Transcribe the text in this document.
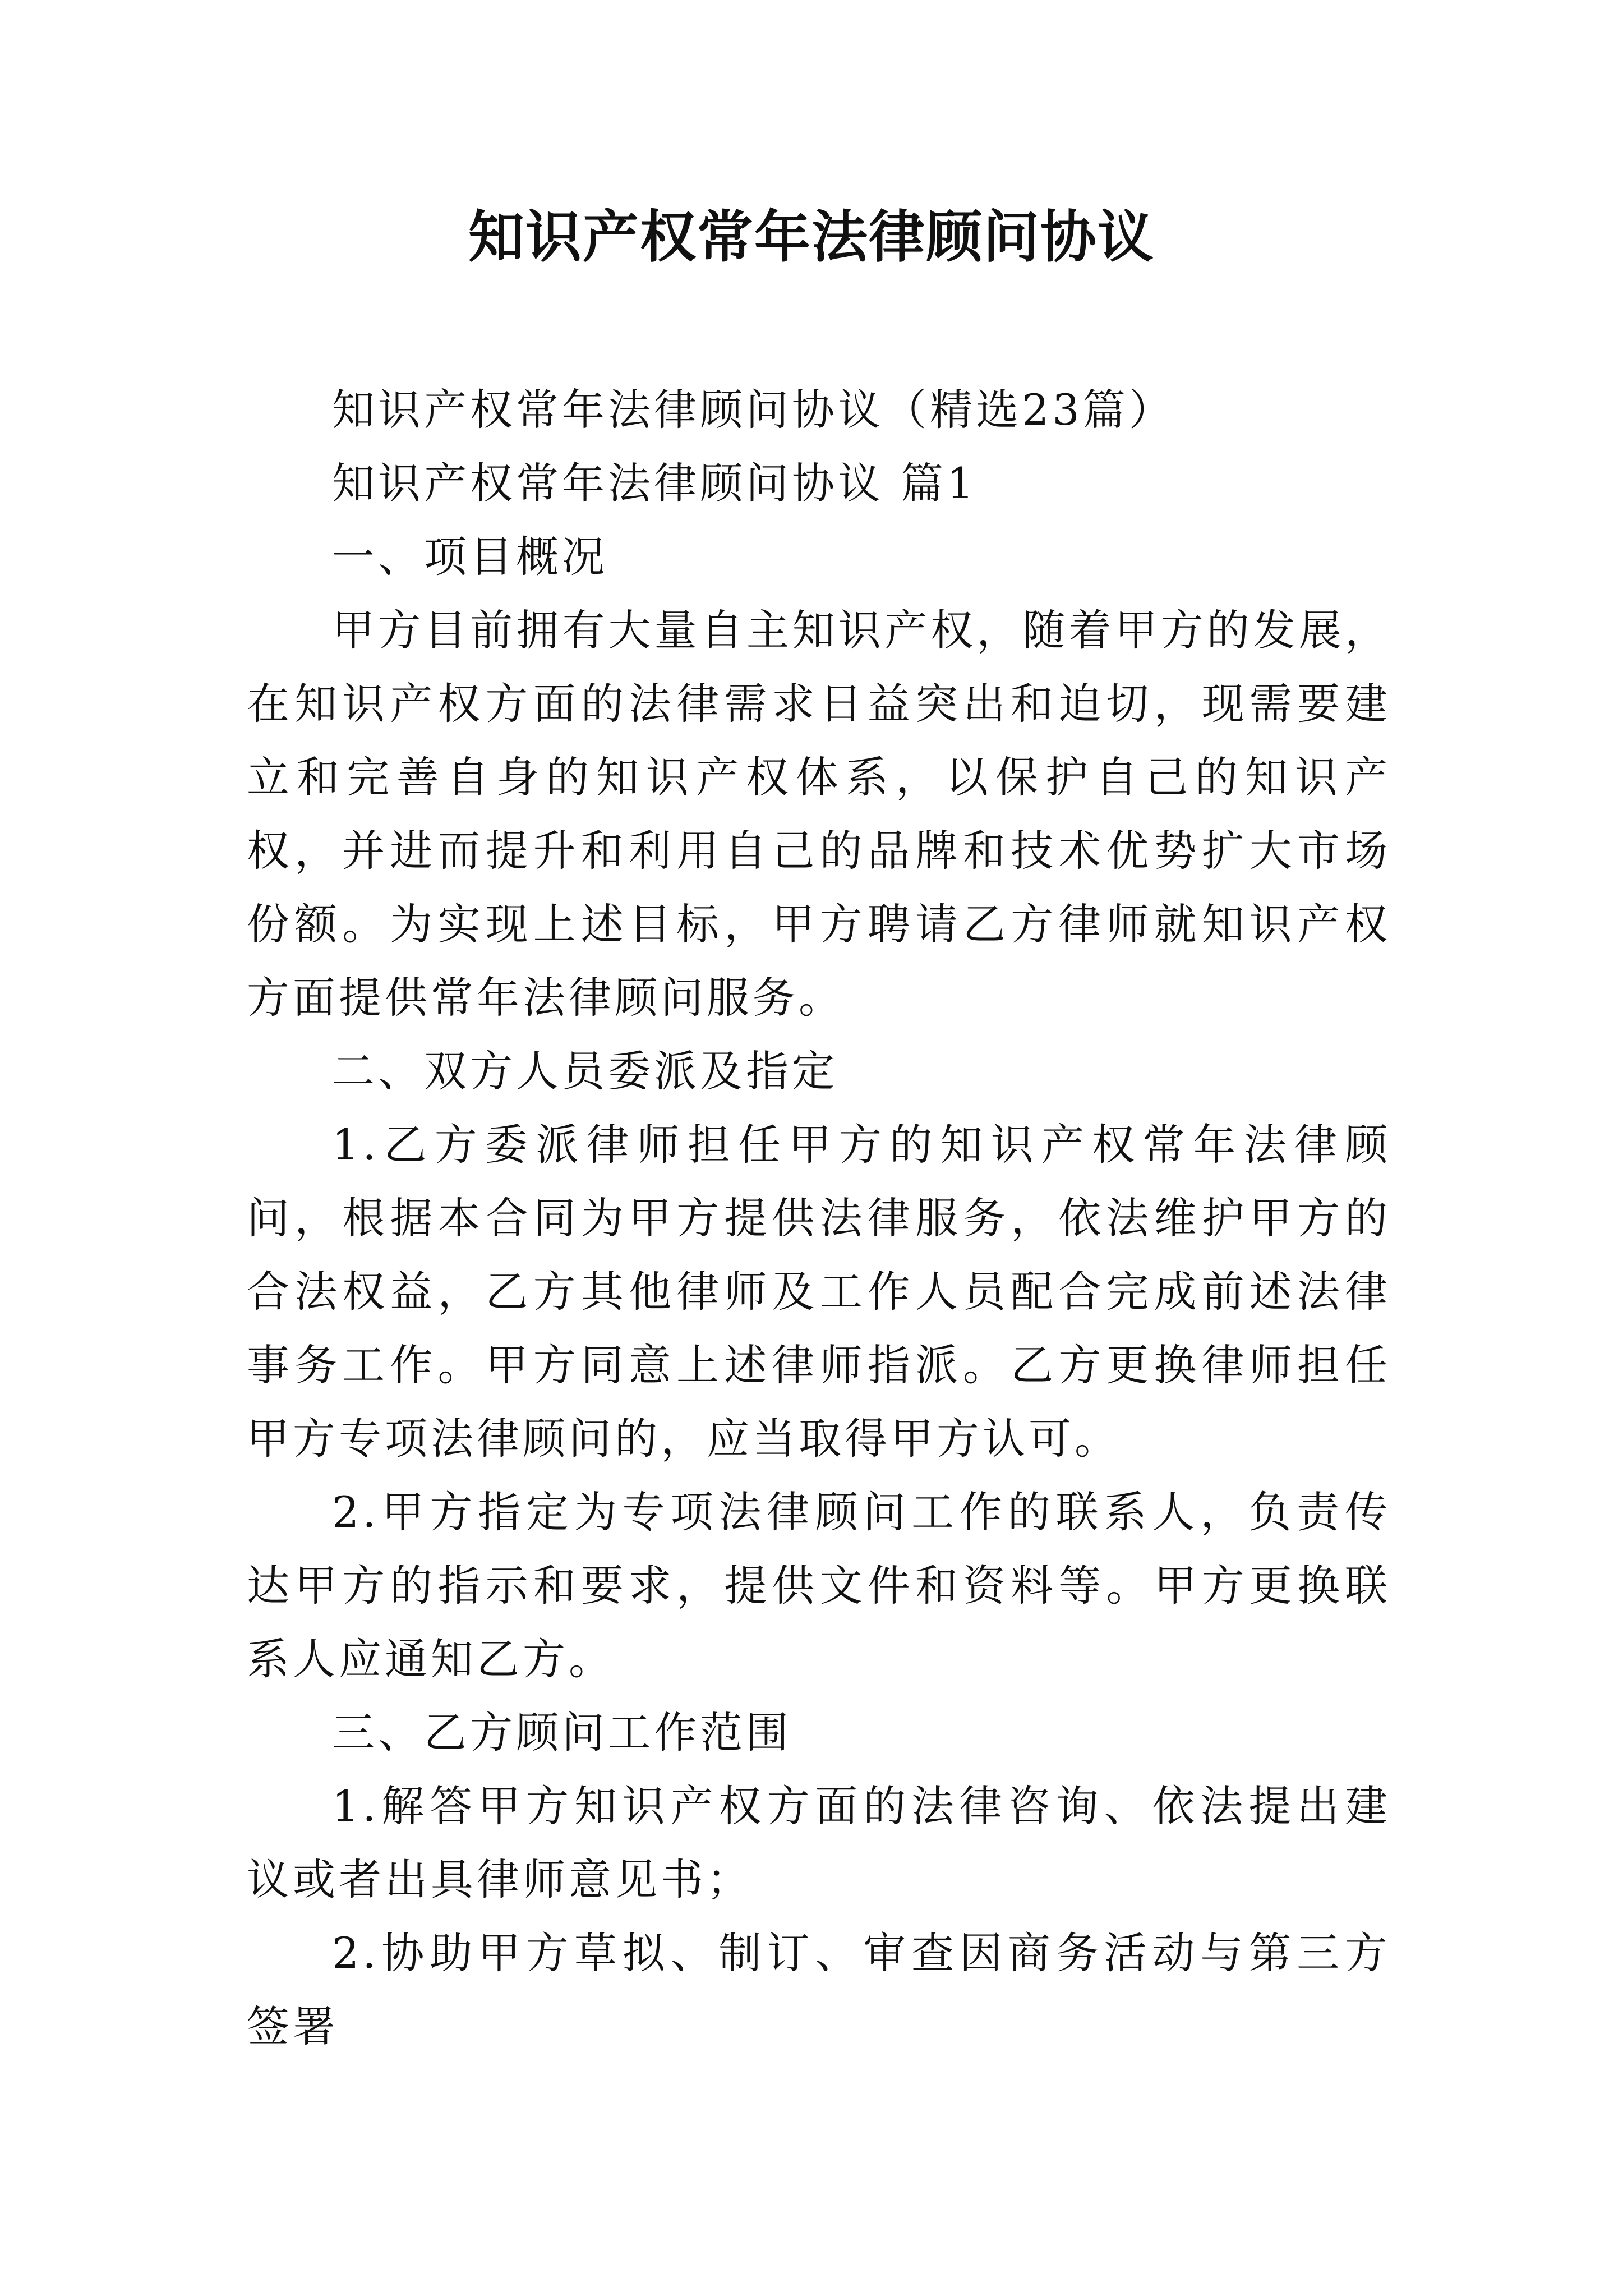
知识产权常年法律顾问协议

知识产权常年法律顾问协议（精选23篇）

知识产权常年法律顾问协议 篇1

一、项目概况

甲方目前拥有大量自主知识产权，随着甲方的发展，在知识产权方面的法律需求日益突出和迫切，现需要建立和完善自身的知识产权体系，以保护自己的知识产权，并进而提升和利用自己的品牌和技术优势扩大市场份额。为实现上述目标，甲方聘请乙方律师就知识产权方面提供常年法律顾问服务。

二、双方人员委派及指定

1.乙方委派律师担任甲方的知识产权常年法律顾问，根据本合同为甲方提供法律服务，依法维护甲方的合法权益，乙方其他律师及工作人员配合完成前述法律事务工作。甲方同意上述律师指派。乙方更换律师担任甲方专项法律顾问的，应当取得甲方认可。

2.甲方指定为专项法律顾问工作的联系人，负责传达甲方的指示和要求，提供文件和资料等。甲方更换联系人应通知乙方。

三、乙方顾问工作范围

1.解答甲方知识产权方面的法律咨询、依法提出建议或者出具律师意见书；

2.协助甲方草拟、制订、审查因商务活动与第三方签署
